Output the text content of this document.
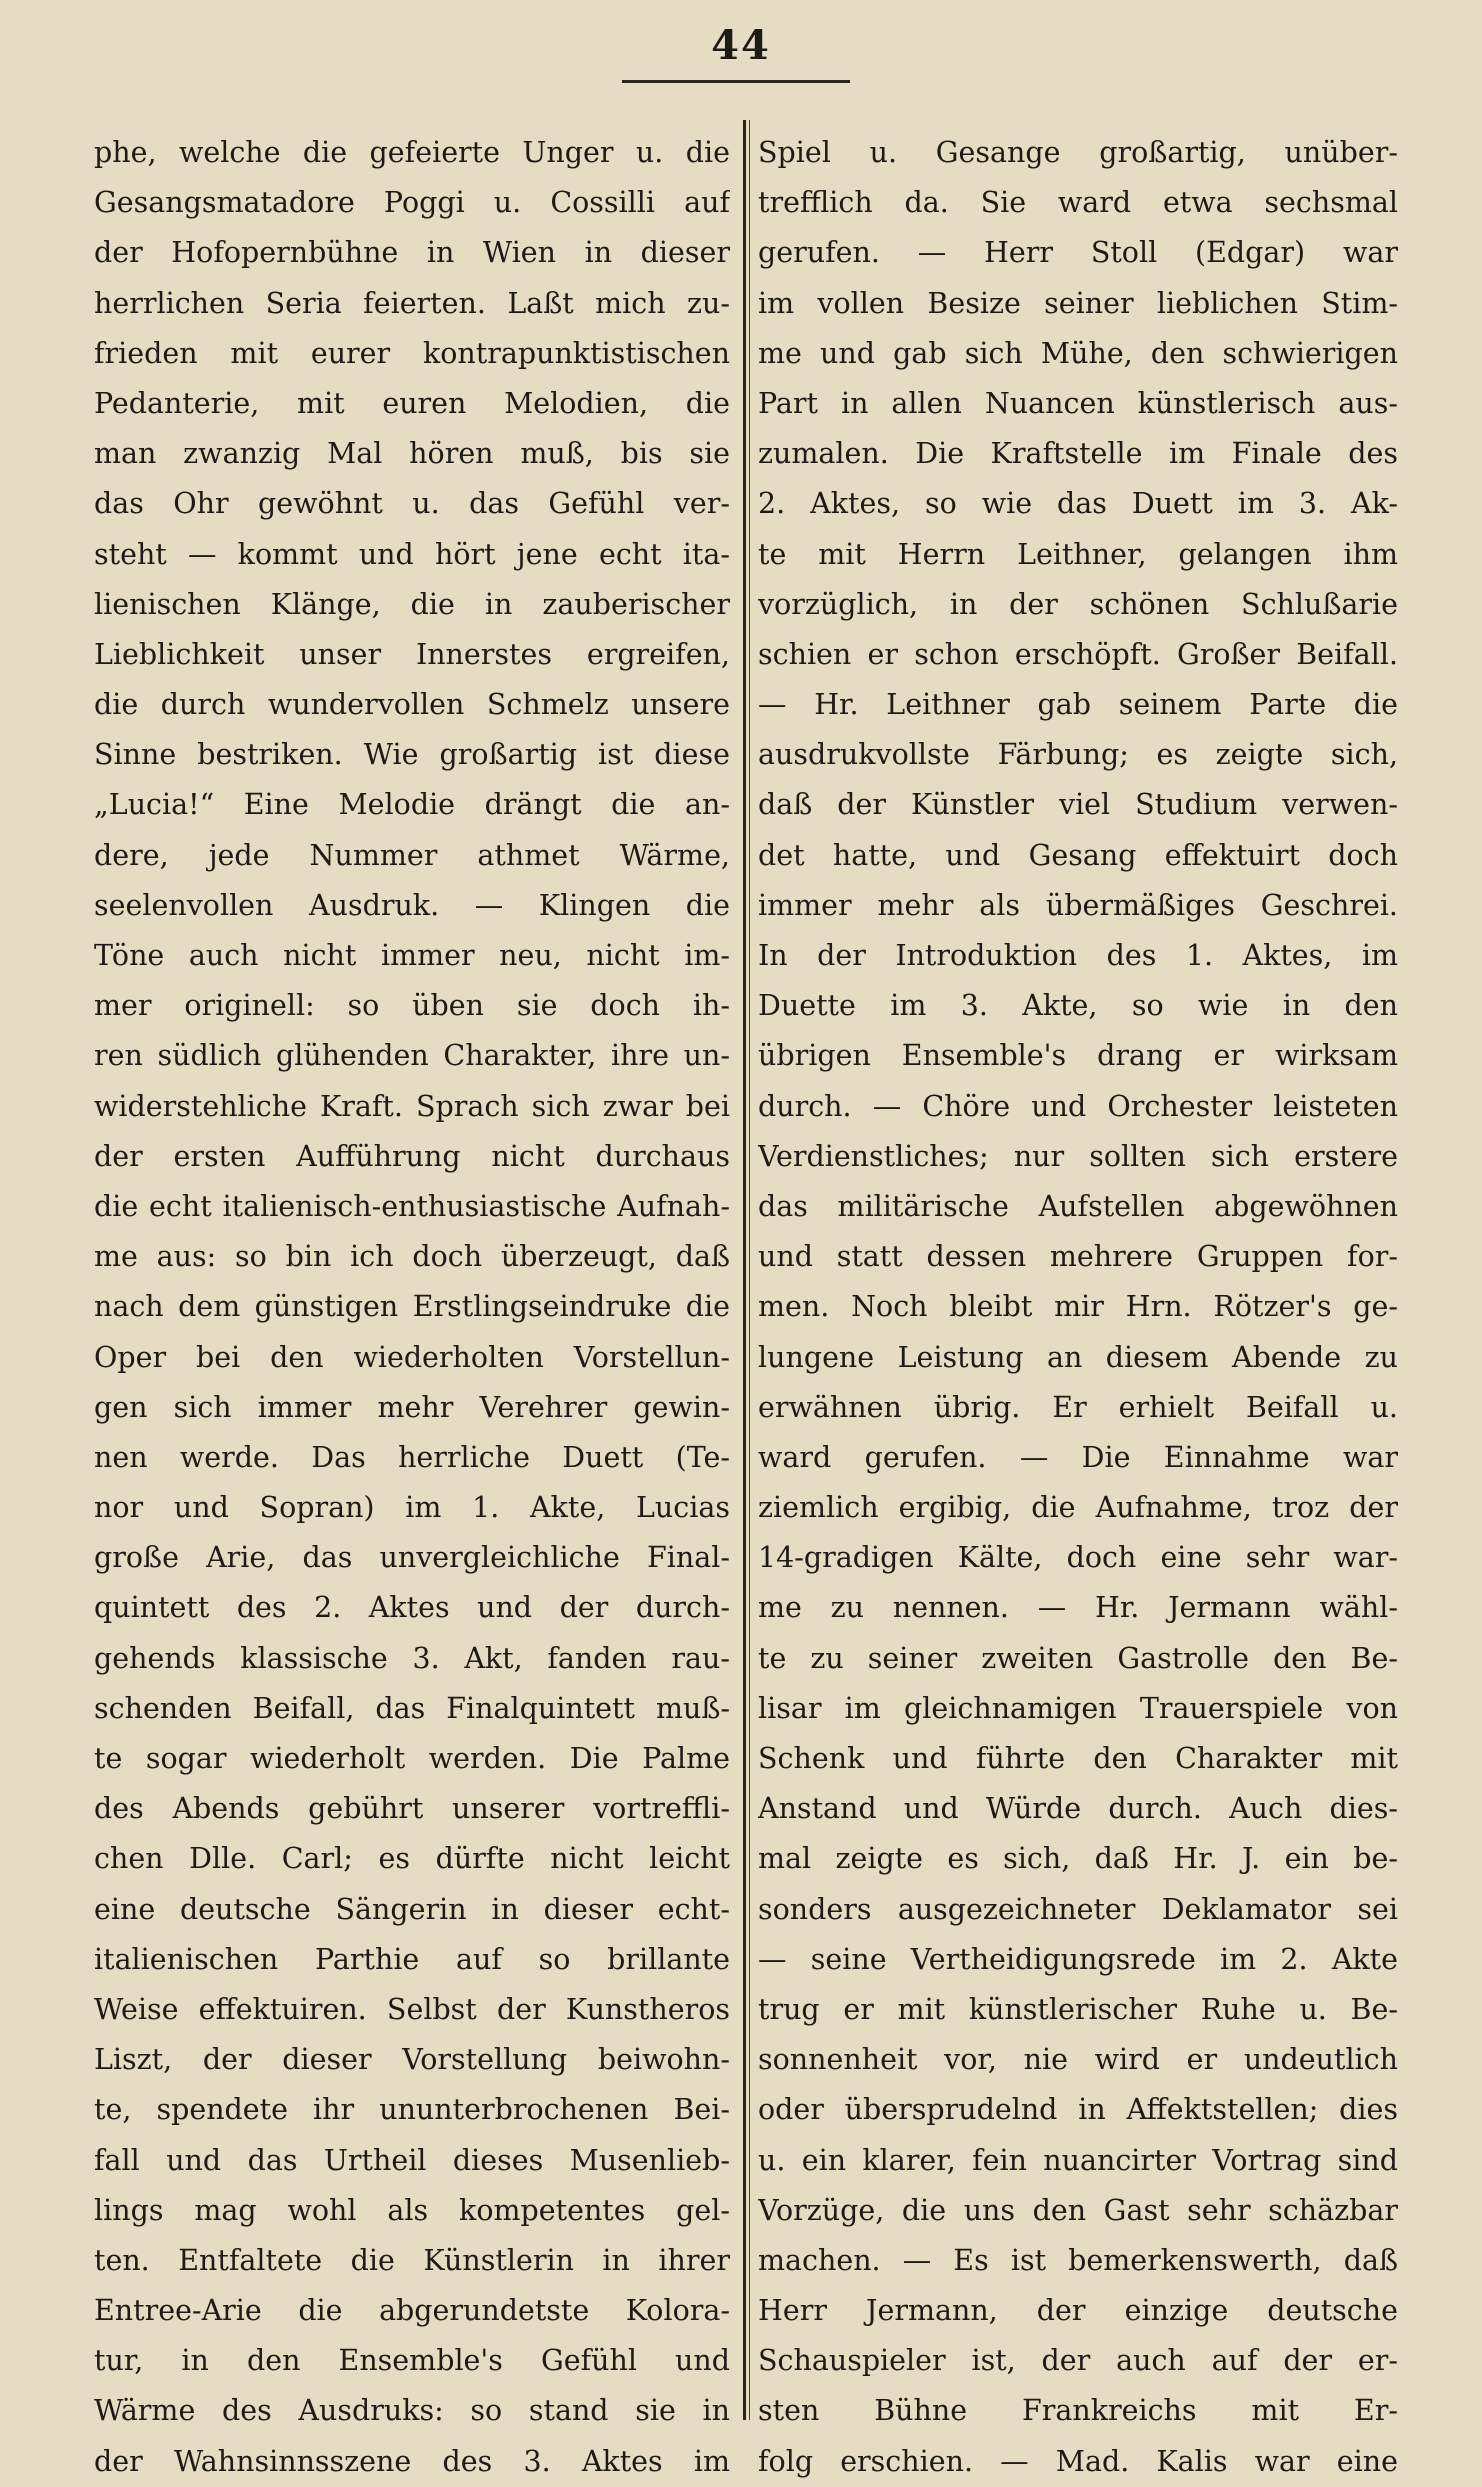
44
phe, welche die gefeierte Unger u. die
Gesangsmatadore Poggi u. Cossilli auf
der Hofopernbühne in Wien in dieser
herrlichen Seria feierten. Laßt mich zu-
frieden mit eurer kontrapunktistischen
Pedanterie, mit euren Melodien, die
man zwanzig Mal hören muß, bis sie
das Ohr gewöhnt u. das Gefühl ver-
steht — kommt und hört jene echt ita-
lienischen Klänge, die in zauberischer
Lieblichkeit unser Innerstes ergreifen,
die durch wundervollen Schmelz unsere
Sinne bestriken. Wie großartig ist diese
„Lucia!“ Eine Melodie drängt die an-
dere, jede Nummer athmet Wärme,
seelenvollen Ausdruk. — Klingen die
Töne auch nicht immer neu, nicht im-
mer originell: so üben sie doch ih-
ren südlich glühenden Charakter, ihre un-
widerstehliche Kraft. Sprach sich zwar bei
der ersten Aufführung nicht durchaus
die echt italienisch-enthusiastische Aufnah-
me aus: so bin ich doch überzeugt, daß
nach dem günstigen Erstlingseindruke die
Oper bei den wiederholten Vorstellun-
gen sich immer mehr Verehrer gewin-
nen werde. Das herrliche Duett (Te-
nor und Sopran) im 1. Akte, Lucias
große Arie, das unvergleichliche Final-
quintett des 2. Aktes und der durch-
gehends klassische 3. Akt, fanden rau-
schenden Beifall, das Finalquintett muß-
te sogar wiederholt werden. Die Palme
des Abends gebührt unserer vortreffli-
chen Dlle. Carl; es dürfte nicht leicht
eine deutsche Sängerin in dieser echt-
italienischen Parthie auf so brillante
Weise effektuiren. Selbst der Kunstheros
Liszt, der dieser Vorstellung beiwohn-
te, spendete ihr ununterbrochenen Bei-
fall und das Urtheil dieses Musenlieb-
lings mag wohl als kompetentes gel-
ten. Entfaltete die Künstlerin in ihrer
Entree-Arie die abgerundetste Kolora-
tur, in den Ensemble's Gefühl und
Wärme des Ausdruks: so stand sie in
der Wahnsinnsszene des 3. Aktes im
Spiel u. Gesange großartig, unüber-
trefflich da. Sie ward etwa sechsmal
gerufen. — Herr Stoll (Edgar) war
im vollen Besize seiner lieblichen Stim-
me und gab sich Mühe, den schwierigen
Part in allen Nuancen künstlerisch aus-
zumalen. Die Kraftstelle im Finale des
2. Aktes, so wie das Duett im 3. Ak-
te mit Herrn Leithner, gelangen ihm
vorzüglich, in der schönen Schlußarie
schien er schon erschöpft. Großer Beifall.
— Hr. Leithner gab seinem Parte die
ausdrukvollste Färbung; es zeigte sich,
daß der Künstler viel Studium verwen-
det hatte, und Gesang effektuirt doch
immer mehr als übermäßiges Geschrei.
In der Introduktion des 1. Aktes, im
Duette im 3. Akte, so wie in den
übrigen Ensemble's drang er wirksam
durch. — Chöre und Orchester leisteten
Verdienstliches; nur sollten sich erstere
das militärische Aufstellen abgewöhnen
und statt dessen mehrere Gruppen for-
men. Noch bleibt mir Hrn. Rötzer's ge-
lungene Leistung an diesem Abende zu
erwähnen übrig. Er erhielt Beifall u.
ward gerufen. — Die Einnahme war
ziemlich ergibig, die Aufnahme, troz der
14-gradigen Kälte, doch eine sehr war-
me zu nennen. — Hr. Jermann wähl-
te zu seiner zweiten Gastrolle den Be-
lisar im gleichnamigen Trauerspiele von
Schenk und führte den Charakter mit
Anstand und Würde durch. Auch dies-
mal zeigte es sich, daß Hr. J. ein be-
sonders ausgezeichneter Deklamator sei
— seine Vertheidigungsrede im 2. Akte
trug er mit künstlerischer Ruhe u. Be-
sonnenheit vor, nie wird er undeutlich
oder übersprudelnd in Affektstellen; dies
u. ein klarer, fein nuancirter Vortrag sind
Vorzüge, die uns den Gast sehr schäzbar
machen. — Es ist bemerkenswerth, daß
Herr Jermann, der einzige deutsche
Schauspieler ist, der auch auf der er-
sten Bühne Frankreichs mit Er-
folg erschien. — Mad. Kalis war eine
